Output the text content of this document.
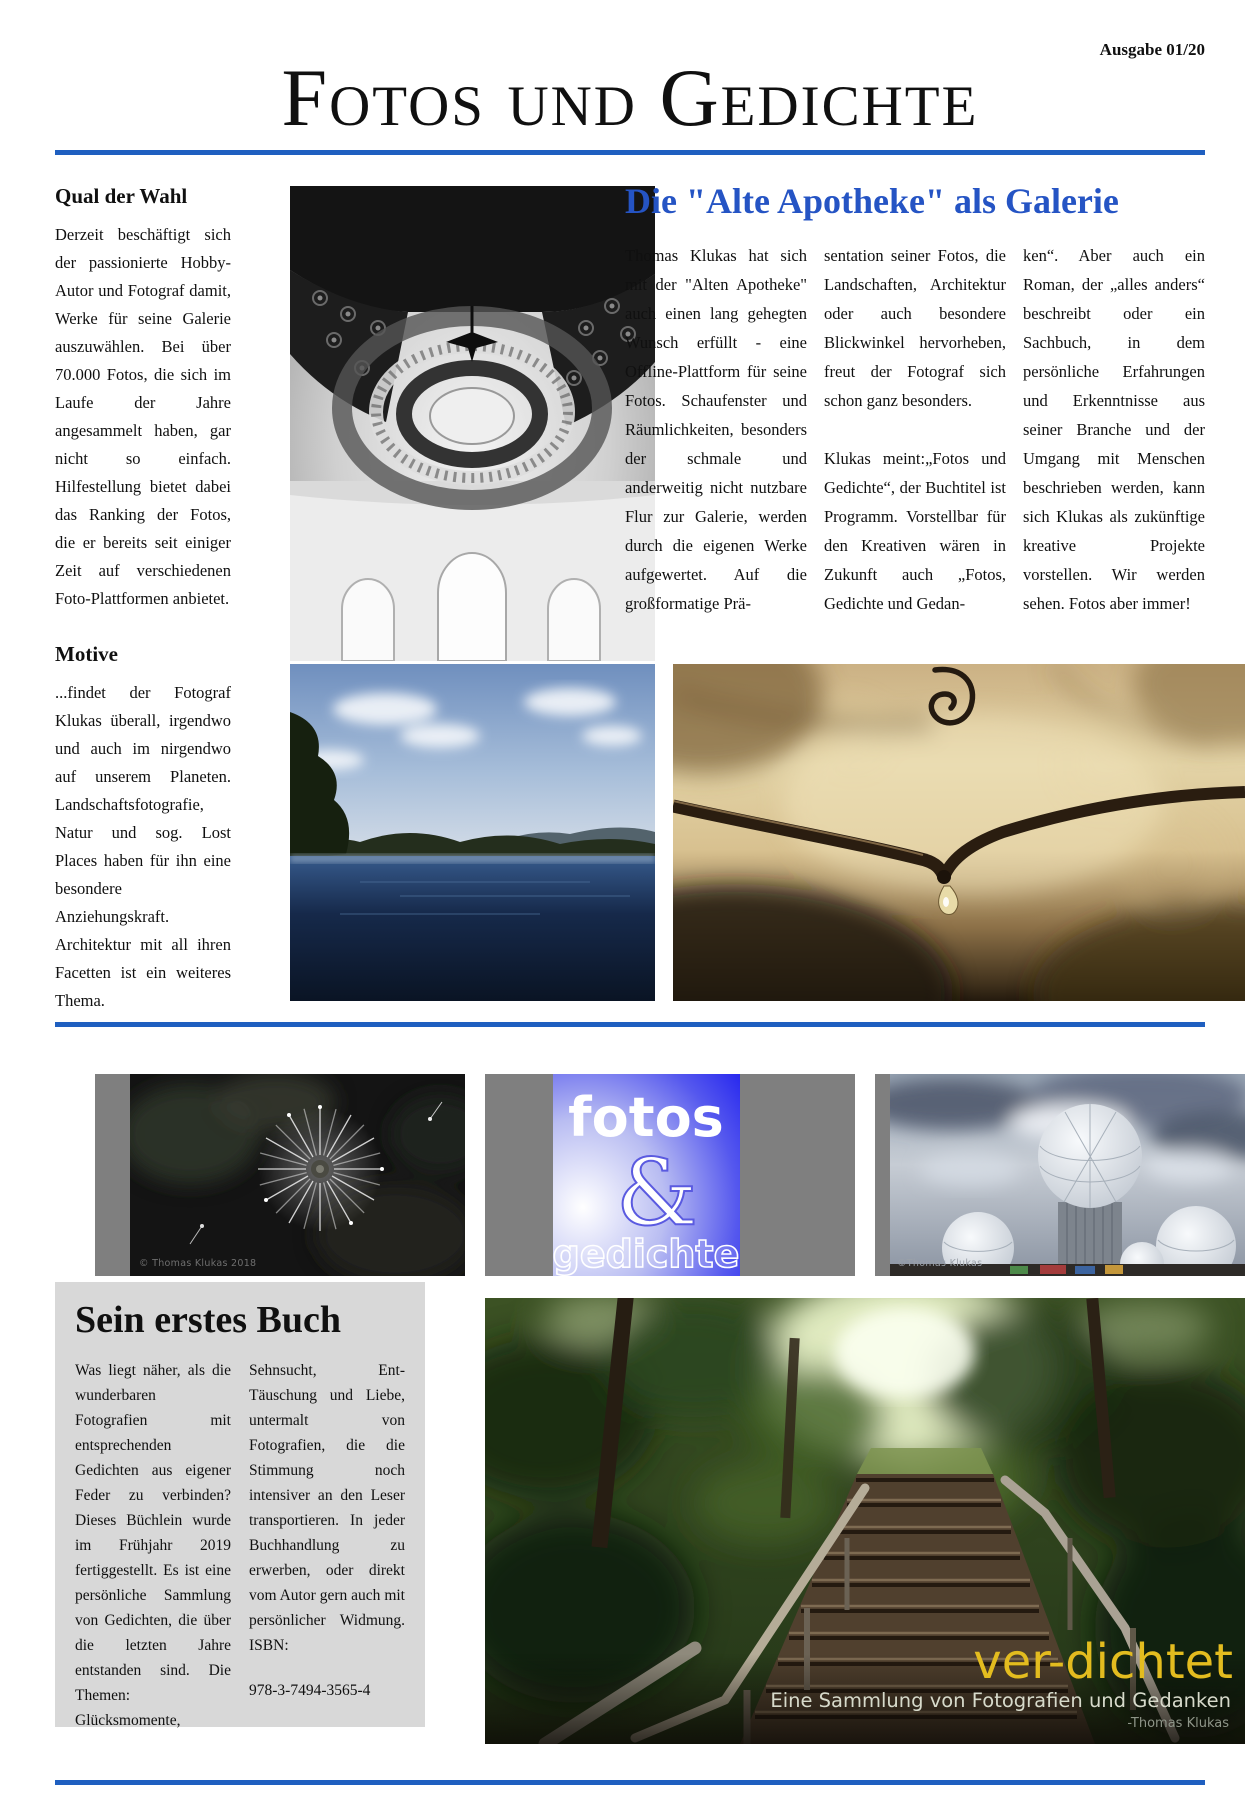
Ausgabe 01/20
Fotos und Gedichte
Qual der Wahl

Derzeit beschäftigt sich der passionierte Hobby-Autor und Fotograf damit, Werke für seine Galerie auszuwählen. Bei über 70.000 Fotos, die sich im Laufe der Jahre angesammelt haben, gar nicht so einfach. Hilfestellung bietet dabei das Ranking der Fotos, die er bereits seit einiger Zeit auf verschiedenen Foto-Plattformen anbietet.

Die "Alte Apotheke" als Galerie

Thomas Klukas hat sich mit der "Alten Apotheke" auch einen lang gehegten Wunsch erfüllt - eine Offline-Plattform für seine Fotos. Schaufenster und Räumlichkeiten, besonders der schmale und anderweitig nicht nutzbare Flur zur Galerie, werden durch die eigenen Werke aufgewertet. Auf die großformatige Prä-

sentation seiner Fotos, die Landschaften, Architektur oder auch besondere Blickwinkel hervorheben, freut der Fotograf sich schon ganz besonders.

Klukas meint:„Fotos und Gedichte“, der Buchtitel ist Programm. Vorstellbar für den Kreativen wären in Zukunft auch „Fotos, Gedichte und Gedan-

ken“. Aber auch ein Roman, der „alles anders“ beschreibt oder ein Sachbuch, in dem persönliche Erfahrungen und Erkenntnisse aus seiner Branche und der Umgang mit Menschen beschrieben werden, kann sich Klukas als zukünftige kreative Projekte vorstellen. Wir werden sehen. Fotos aber immer!

Motive

...findet der Fotograf Klukas überall, irgendwo und auch im nirgendwo auf unserem Planeten. Landschaftsfotografie, Natur und sog. Lost Places haben für ihn eine besondere Anziehungskraft. Architektur mit all ihren Facetten ist ein weiteres Thema.

© Thomas Klukas 2018
fotos
&
gedichte	©Thomas Klukas
Sein erstes Buch

Was liegt näher, als die wunderbaren Fotografien mit entsprechenden Gedichten aus eigener Feder zu verbinden? Dieses Büchlein wurde im Frühjahr 2019 fertiggestellt. Es ist eine persönliche Sammlung von Gedichten, die über die letzten Jahre entstanden sind. Die Themen: Glücksmomente,

Sehnsucht, Ent-Täuschung und Liebe, untermalt von Fotografien, die die Stimmung noch intensiver an den Leser transportieren. In jeder Buchhandlung zu erwerben, oder direkt vom Autor gern auch mit persönlicher Widmung. ISBN:

978-3-7494-3565-4
ver-dichtet
Eine Sammlung von Fotografien und Gedanken
-Thomas Klukas
